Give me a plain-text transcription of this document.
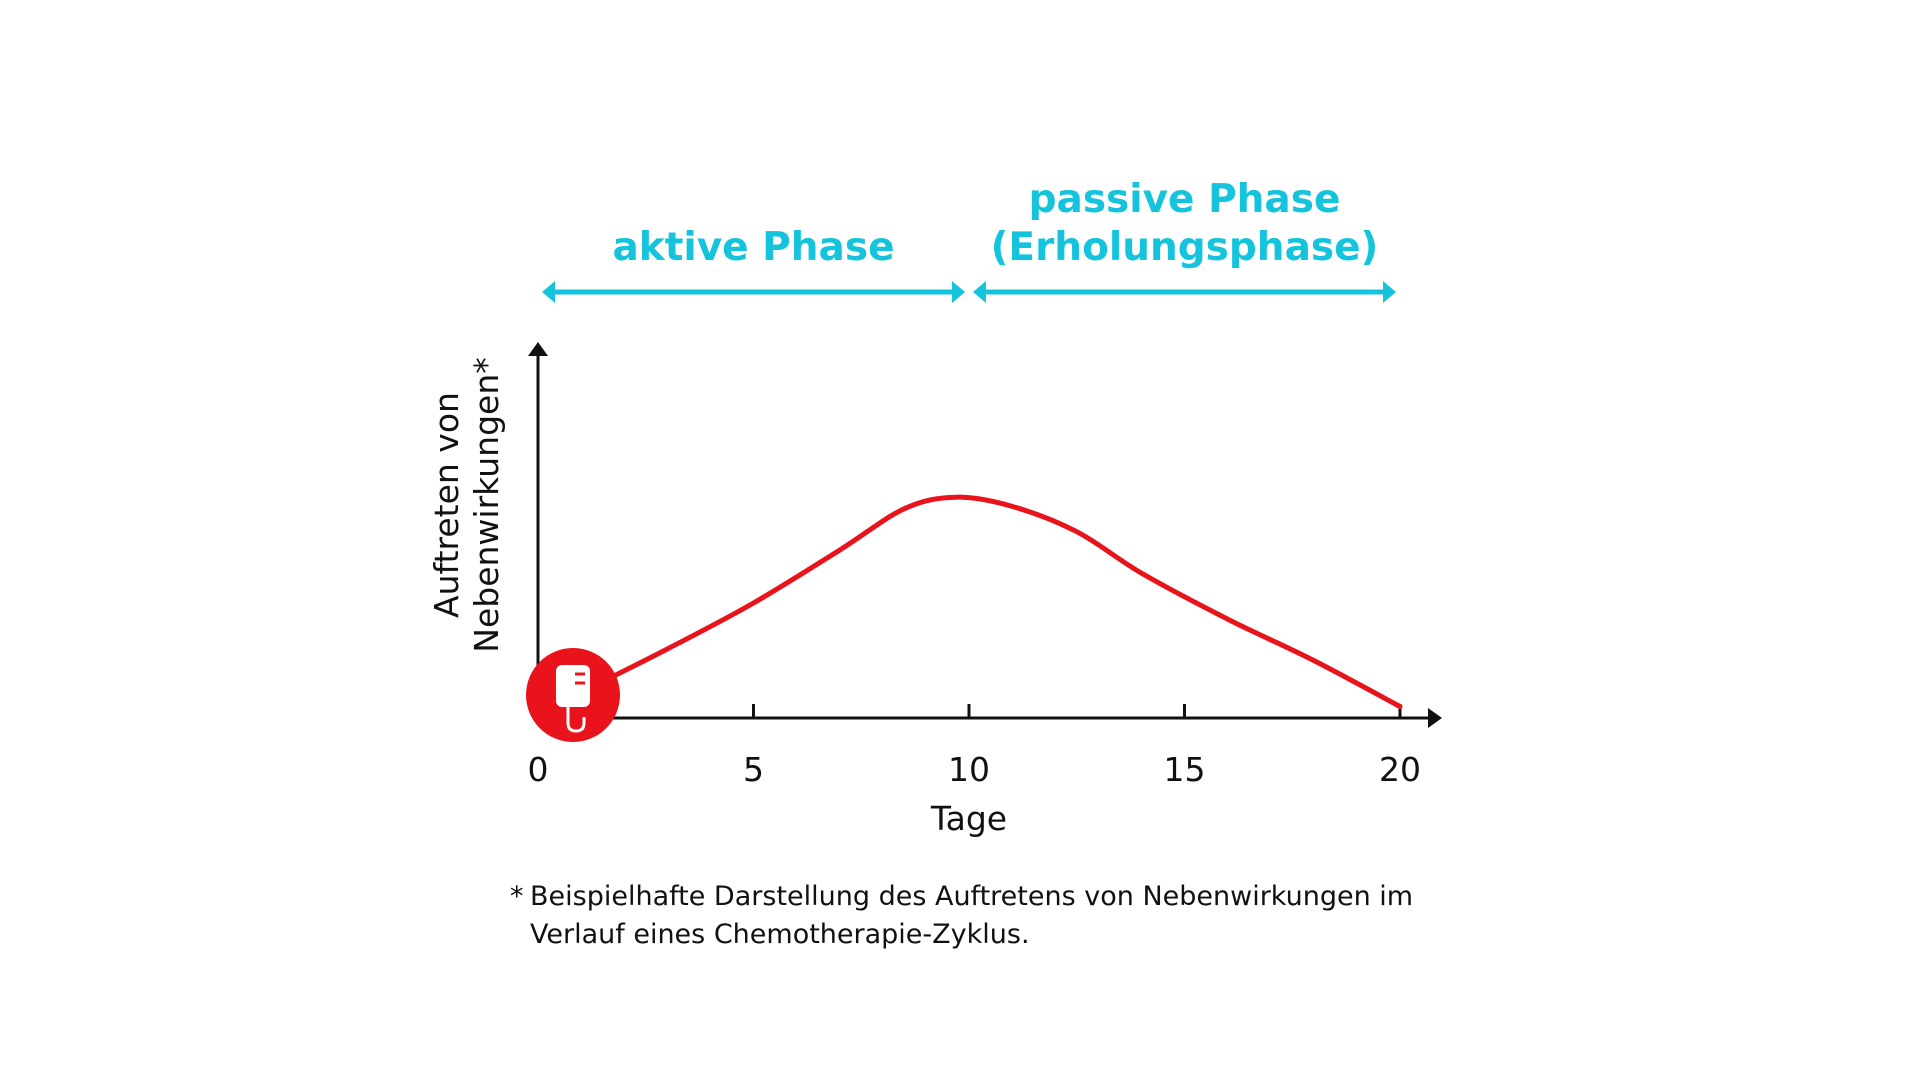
aktive Phase
passive Phase
(Erholungsphase)
0	5	10	15	20
Tage
Auftreten von Nebenwirkungen*
* Beispielhafte Darstellung des Auftretens von Nebenwirkungen im Verlauf eines Chemotherapie-Zyklus.
